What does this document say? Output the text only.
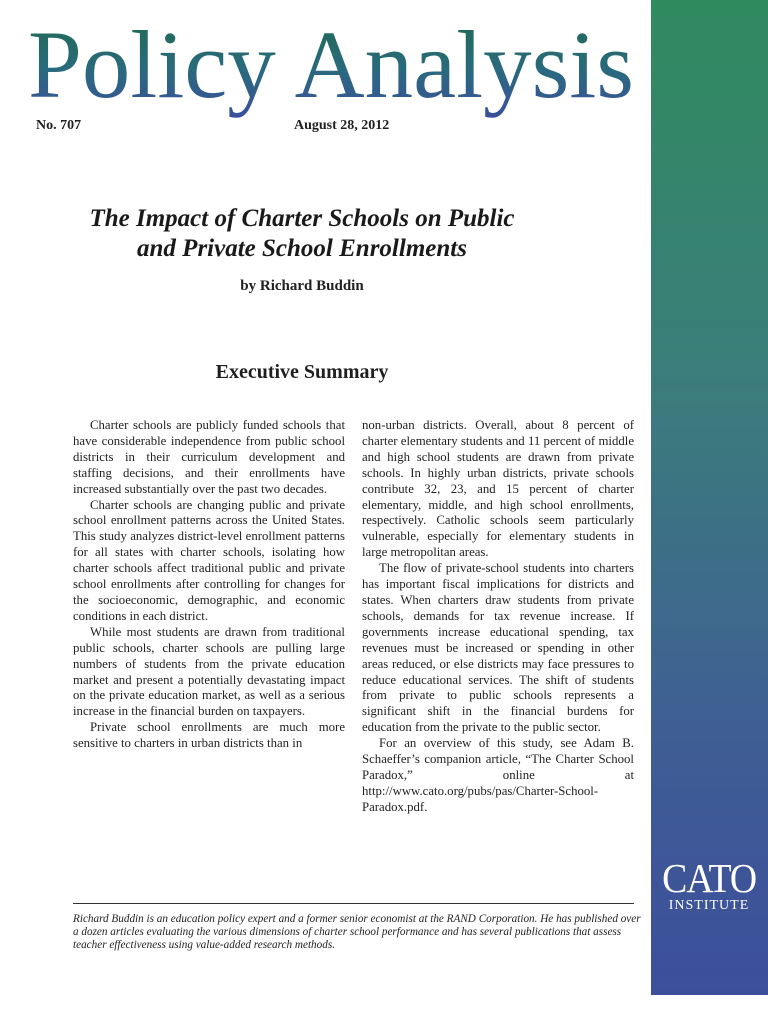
Policy Analysis
No. 707	August 28, 2012
The Impact of Charter Schools on Public
and Private School Enrollments
by Richard Buddin
Executive Summary

Charter schools are publicly funded schools that have considerable independence from public school districts in their curriculum development and staffing decisions, and their enrollments have increased substantially over the past two decades.

Charter schools are changing public and private school enrollment patterns across the United States. This study analyzes district-level enrollment patterns for all states with charter schools, isolating how charter schools affect traditional public and private school enrollments after controlling for changes for the socioeconomic, demographic, and economic conditions in each district.

While most students are drawn from traditional public schools, charter schools are pulling large numbers of students from the private education market and present a potentially devastating impact on the private education market, as well as a serious increase in the financial burden on taxpayers.

Private school enrollments are much more sensitive to charters in urban districts than in

non-urban districts. Overall, about 8 percent of charter elementary students and 11 percent of middle and high school students are drawn from private schools. In highly urban districts, private schools contribute 32, 23, and 15 percent of charter elementary, middle, and high school enrollments, respectively. Catholic schools seem particularly vulnerable, especially for elementary students in large metropolitan areas.

The flow of private-school students into charters has important fiscal implications for districts and states. When charters draw students from private schools, demands for tax revenue increase. If governments increase educational spending, tax revenues must be increased or spending in other areas reduced, or else districts may face pressures to reduce educational services. The shift of students from private to public schools represents a significant shift in the financial burdens for education from the private to the public sector.

For an overview of this study, see Adam B. Schaeffer’s companion article, “The Charter School Paradox,” online at http://www.cato.org/pubs/pas/Charter-School-Paradox.pdf.

Richard Buddin is an education policy expert and a former senior economist at the RAND Corporation. He has published over a dozen articles evaluating the various dimensions of charter school performance and has several publications that assess teacher effectiveness using value-added research methods.
CATO
INSTITUTE
